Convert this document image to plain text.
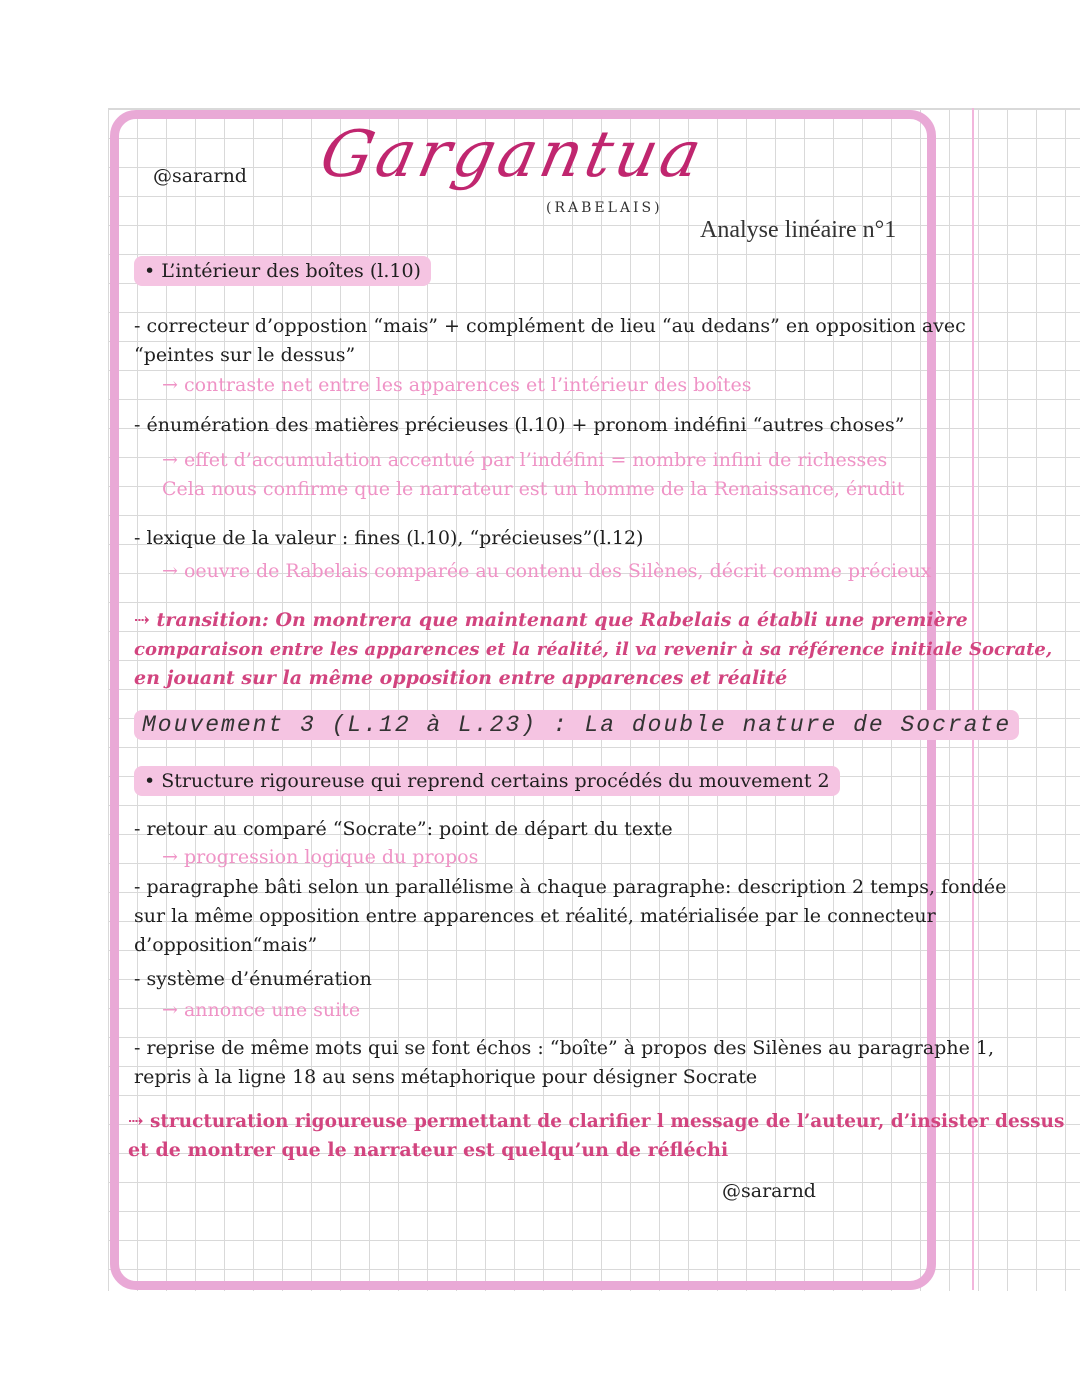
@sararnd Gargantua
(RABELAIS)
Analyse linéaire n°1
• L’intérieur des boîtes (l.10)
- correcteur d’oppostion “mais” + complément de lieu “au dedans” en opposition avec
“peintes sur le dessus”
→ contraste net entre les apparences et l’intérieur des boîtes
- énumération des matières précieuses (l.10) + pronom indéfini “autres choses”
→ effet d’accumulation accentué par l’indéfini = nombre infini de richesses
Cela nous confirme que le narrateur est un homme de la Renaissance, érudit
- lexique de la valeur : fines (l.10), “précieuses”(l.12)
→ oeuvre de Rabelais comparée au contenu des Silènes, décrit comme précieux
⇢ transition: On montrera que maintenant que Rabelais a établi une première
comparaison entre les apparences et la réalité, il va revenir à sa référence initiale Socrate,
en jouant sur la même opposition entre apparences et réalité
Mouvement 3 (L.12 à L.23) : La double nature de Socrate
• Structure rigoureuse qui reprend certains procédés du mouvement 2
- retour au comparé “Socrate”: point de départ du texte
→ progression logique du propos
- paragraphe bâti selon un parallélisme à chaque paragraphe: description 2 temps, fondée
sur la même opposition entre apparences et réalité, matérialisée par le connecteur
d’opposition“mais”
- système d’énumération
→ annonce une suite
- reprise de même mots qui se font échos : “boîte” à propos des Silènes au paragraphe 1,
repris à la ligne 18 au sens métaphorique pour désigner Socrate
⇢ structuration rigoureuse permettant de clarifier l message de l’auteur, d’insister dessus
et de montrer que le narrateur est quelqu’un de réfléchi
@sararnd
